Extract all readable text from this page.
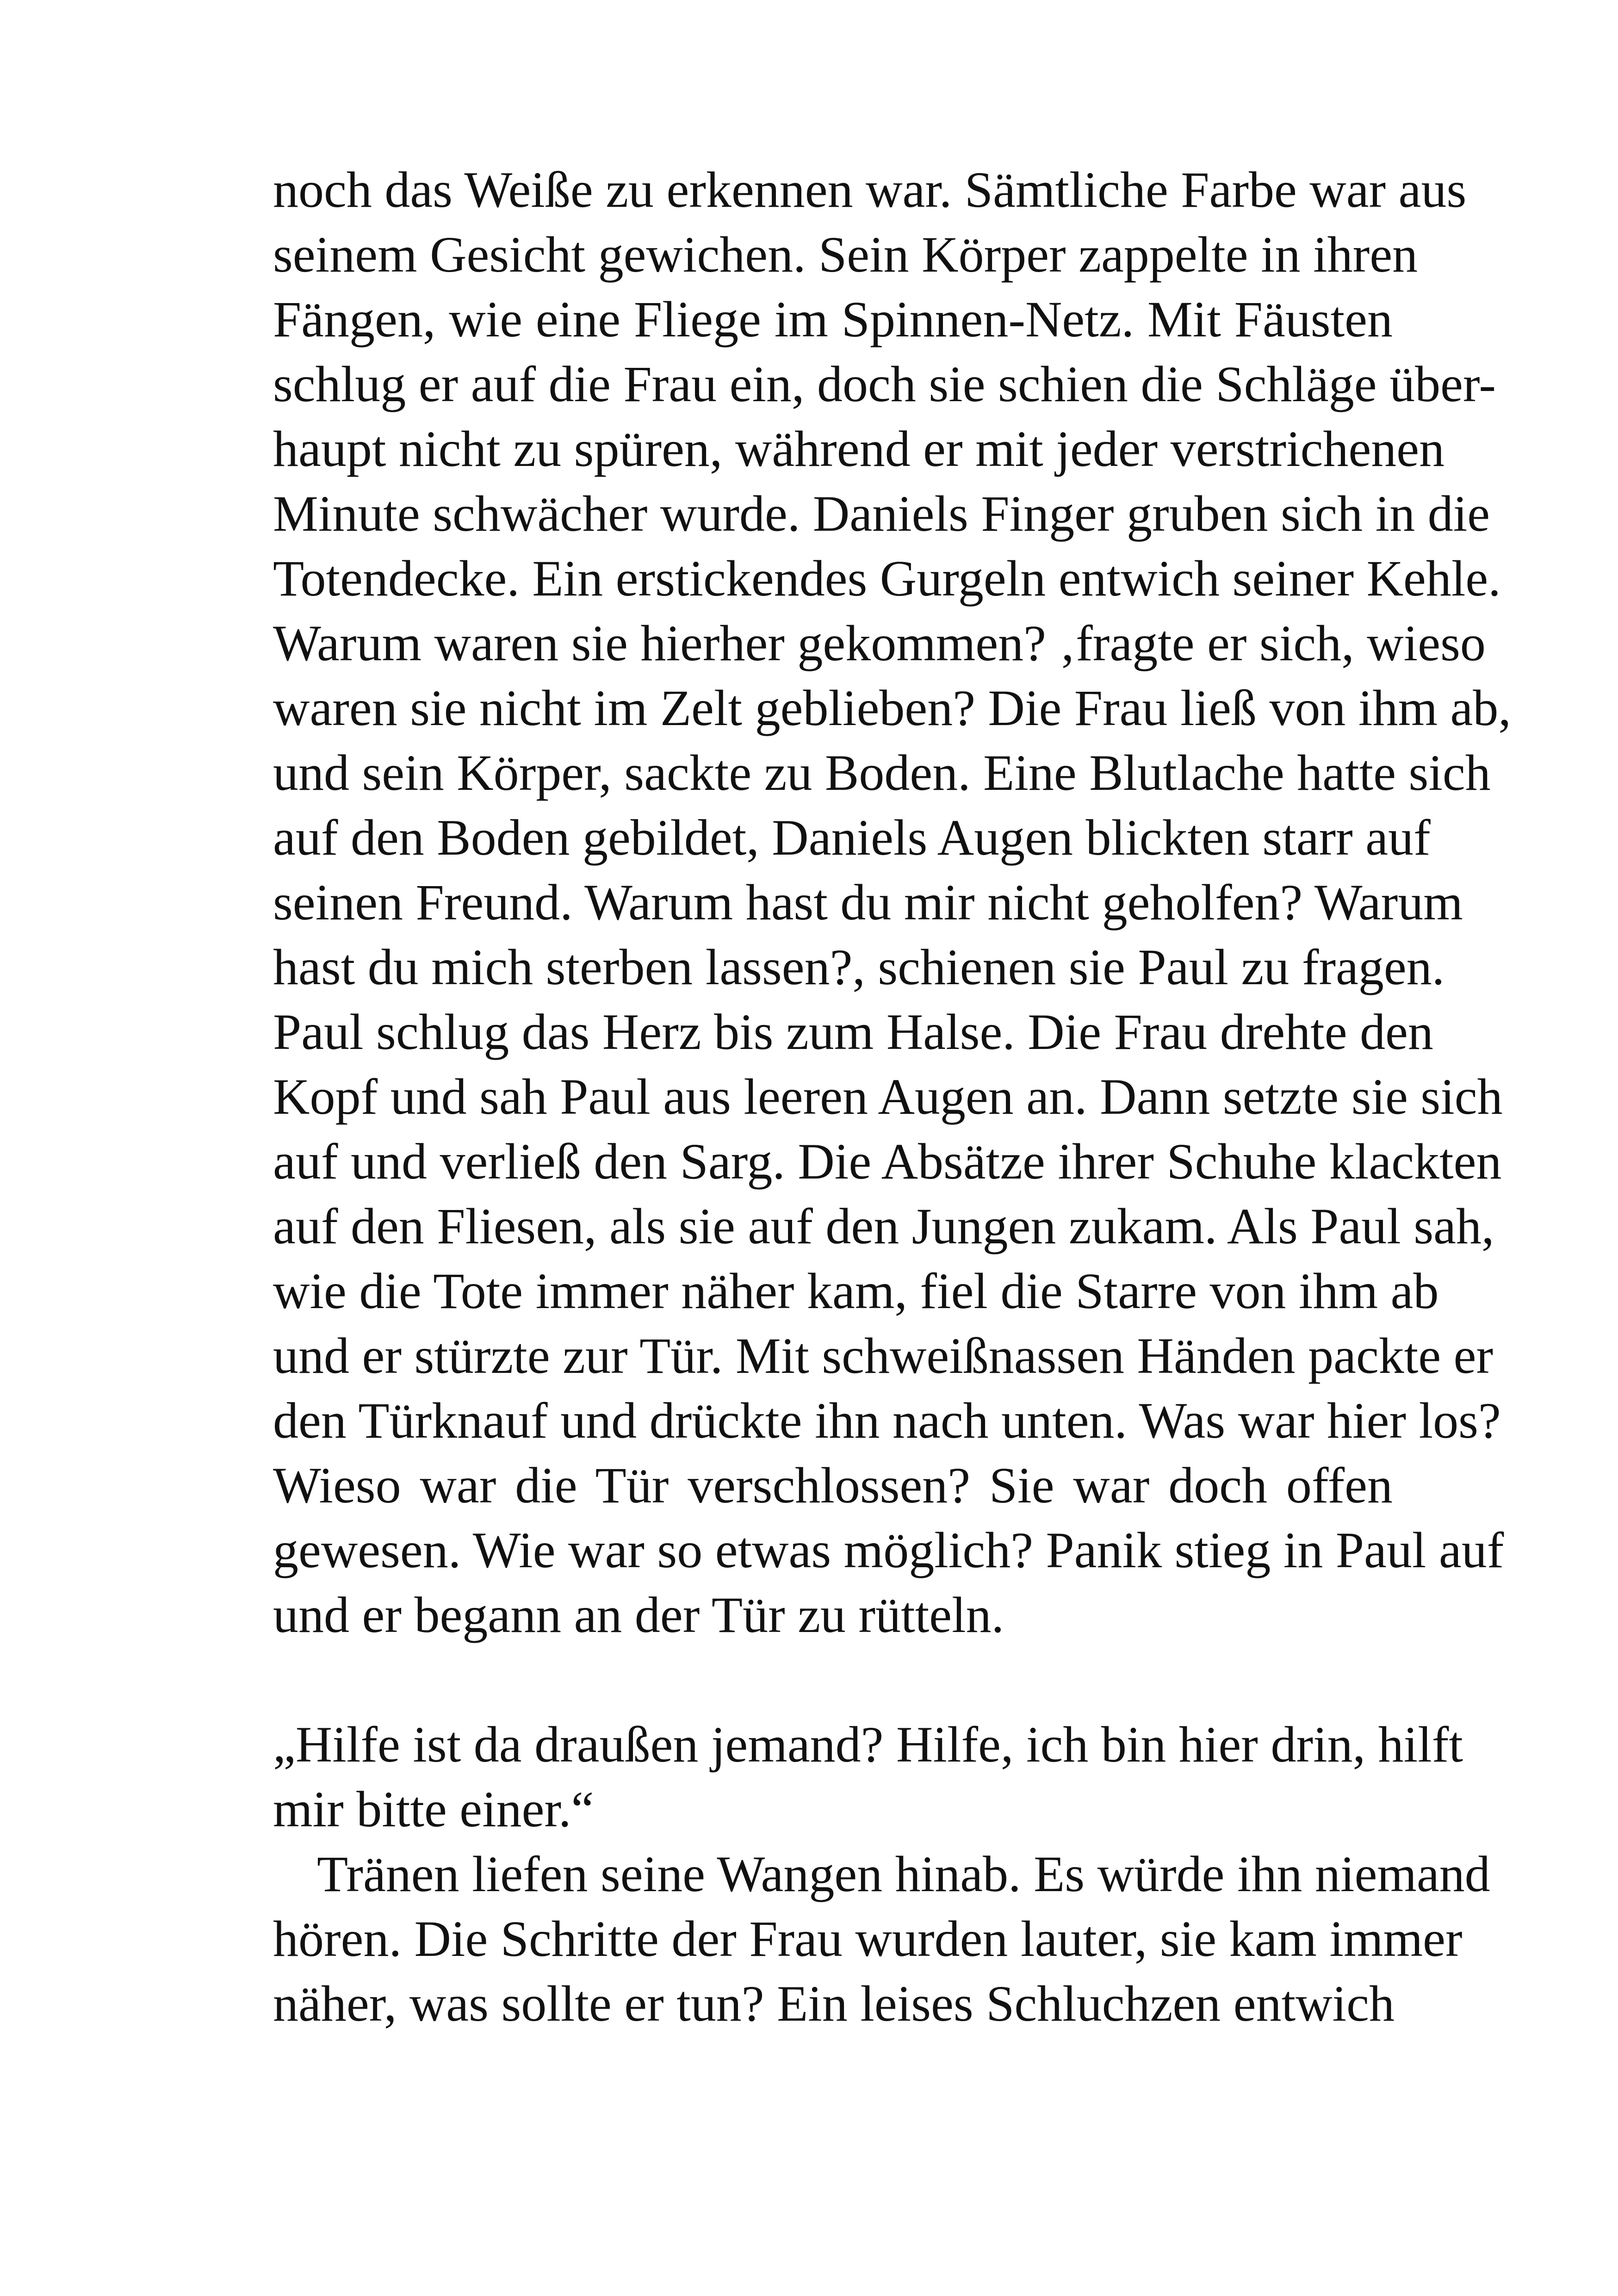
noch das Weiße zu erkennen war. Sämtliche Farbe war aus
seinem Gesicht gewichen. Sein Körper zappelte in ihren
Fängen, wie eine Fliege im Spinnen-Netz. Mit Fäusten
schlug er auf die Frau ein, doch sie schien die Schläge über-
haupt nicht zu spüren, während er mit jeder verstrichenen
Minute schwächer wurde. Daniels Finger gruben sich in die
Totendecke. Ein erstickendes Gurgeln entwich seiner Kehle.
Warum waren sie hierher gekommen? ‚fragte er sich, wieso
waren sie nicht im Zelt geblieben? Die Frau ließ von ihm ab,
und sein Körper, sackte zu Boden. Eine Blutlache hatte sich
auf den Boden gebildet, Daniels Augen blickten starr auf
seinen Freund. Warum hast du mir nicht geholfen? Warum
hast du mich sterben lassen?, schienen sie Paul zu fragen.
Paul schlug das Herz bis zum Halse. Die Frau drehte den
Kopf und sah Paul aus leeren Augen an. Dann setzte sie sich
auf und verließ den Sarg. Die Absätze ihrer Schuhe klackten
auf den Fliesen, als sie auf den Jungen zukam. Als Paul sah,
wie die Tote immer näher kam, fiel die Starre von ihm ab
und er stürzte zur Tür. Mit schweißnassen Händen packte er
den Türknauf und drückte ihn nach unten. Was war hier los?
Wieso war die Tür verschlossen? Sie war doch offen
gewesen. Wie war so etwas möglich? Panik stieg in Paul auf
und er begann an der Tür zu rütteln.
„Hilfe ist da draußen jemand? Hilfe, ich bin hier drin, hilft
mir bitte einer.“
Tränen liefen seine Wangen hinab. Es würde ihn niemand
hören. Die Schritte der Frau wurden lauter, sie kam immer
näher, was sollte er tun? Ein leises Schluchzen entwich
